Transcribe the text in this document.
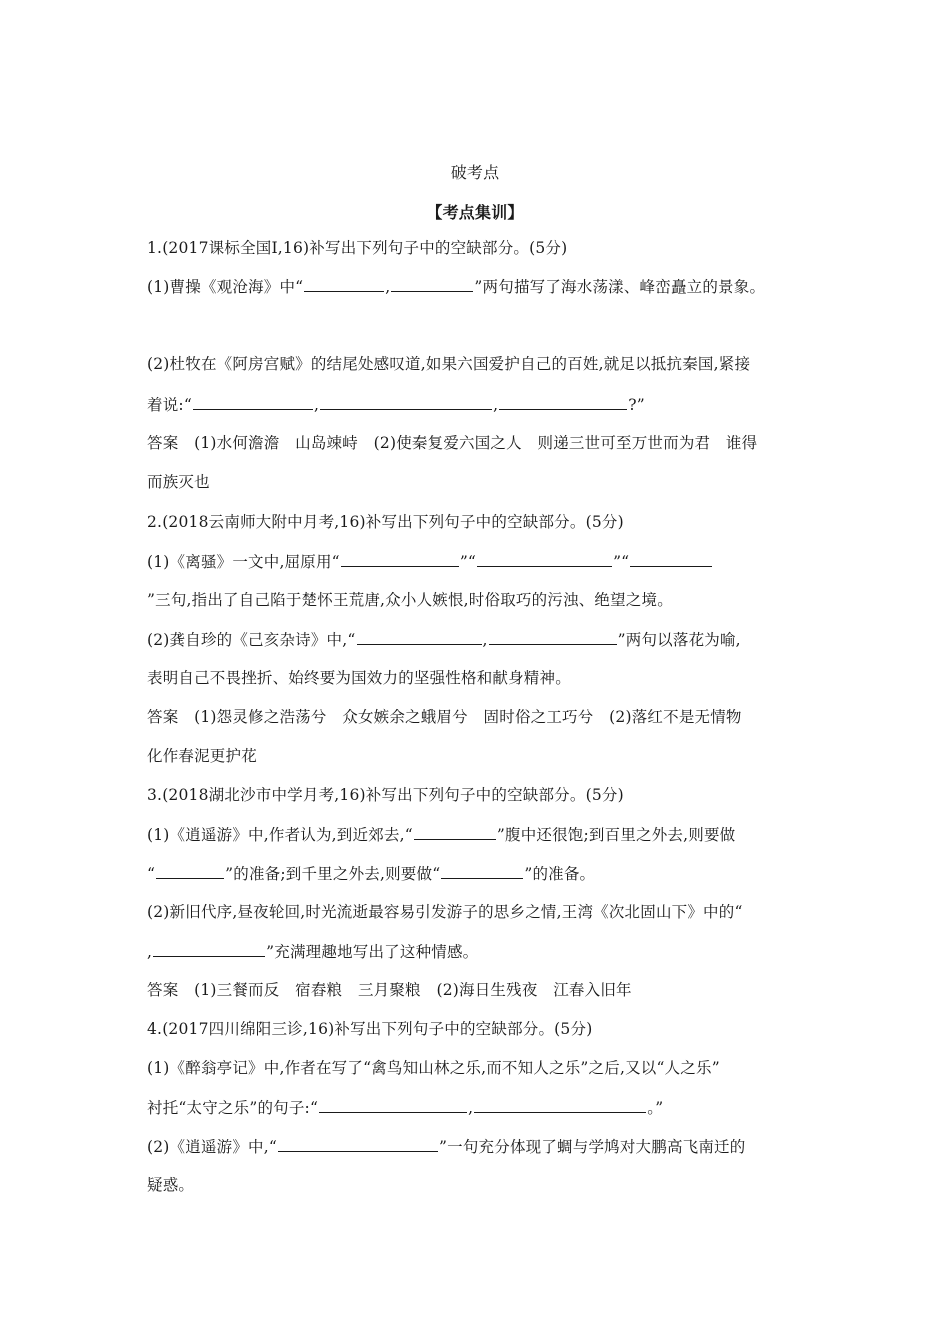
破考点
【考点集训】
1.(2017课标全国Ⅰ,16)补写出下列句子中的空缺部分。(5分)
(1)曹操《观沧海》中“	,	”两句描写了海水荡漾、峰峦矗立的景象。
(2)杜牧在《阿房宫赋》的结尾处感叹道,如果六国爱护自己的百姓,就足以抵抗秦国,紧接
着说:“	,	,	?”
答案　(1)水何澹澹　山岛竦峙　(2)使秦复爱六国之人　则递三世可至万世而为君　谁得
而族灭也
2.(2018云南师大附中月考,16)补写出下列句子中的空缺部分。(5分)
(1)《离骚》一文中,屈原用“	”“	”“
”三句,指出了自己陷于楚怀王荒唐,众小人嫉恨,时俗取巧的污浊、绝望之境。
(2)龚自珍的《己亥杂诗》中,“	,	”两句以落花为喻,
表明自己不畏挫折、始终要为国效力的坚强性格和献身精神。
答案　(1)怨灵修之浩荡兮　众女嫉余之蛾眉兮　固时俗之工巧兮　(2)落红不是无情物
化作春泥更护花
3.(2018湖北沙市中学月考,16)补写出下列句子中的空缺部分。(5分)
(1)《逍遥游》中,作者认为,到近郊去,“	”腹中还很饱;到百里之外去,则要做
“	”的准备;到千里之外去,则要做“	”的准备。
(2)新旧代序,昼夜轮回,时光流逝最容易引发游子的思乡之情,王湾《次北固山下》中的“
,	”充满理趣地写出了这种情感。
答案　(1)三餐而反　宿舂粮　三月聚粮　(2)海日生残夜　江春入旧年
4.(2017四川绵阳三诊,16)补写出下列句子中的空缺部分。(5分)
(1)《醉翁亭记》中,作者在写了“禽鸟知山林之乐,而不知人之乐”之后,又以“人之乐”
衬托“太守之乐”的句子:“	,	。”
(2)《逍遥游》中,“	”一句充分体现了蜩与学鸠对大鹏高飞南迁的
疑惑。
